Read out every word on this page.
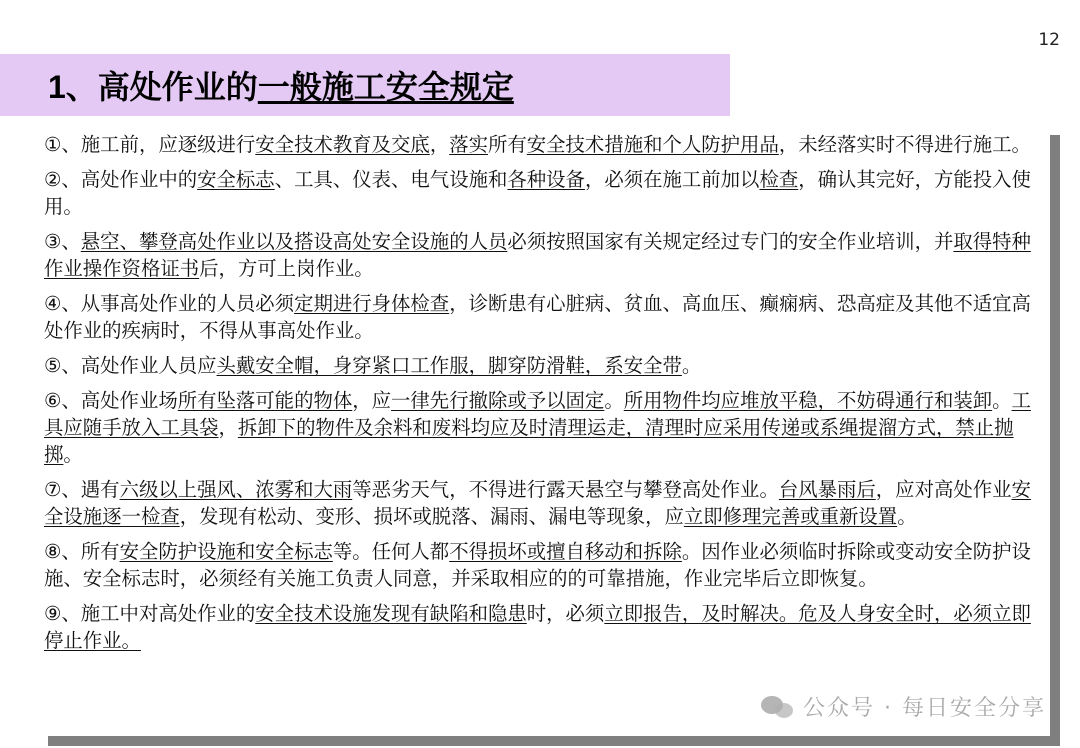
12
1、高处作业的一般施工安全规定
①、施工前，应逐级进行安全技术教育及交底，落实所有安全技术措施和个人防护用品，未经落实时不得进行施工。
②、高处作业中的安全标志、工具、仪表、电气设施和各种设备，必须在施工前加以检查，确认其完好，方能投入使用。
③、悬空、攀登高处作业以及搭设高处安全设施的人员必须按照国家有关规定经过专门的安全作业培训，并取得特种作业操作资格证书后，方可上岗作业。
④、从事高处作业的人员必须定期进行身体检查，诊断患有心脏病、贫血、高血压、癫痫病、恐高症及其他不适宜高处作业的疾病时，不得从事高处作业。
⑤、高处作业人员应头戴安全帽，身穿紧口工作服，脚穿防滑鞋，系安全带。
⑥、高处作业场所有坠落可能的物体，应一律先行撤除或予以固定。所用物件均应堆放平稳，不妨碍通行和装卸。工具应随手放入工具袋，拆卸下的物件及余料和废料均应及时清理运走，清理时应采用传递或系绳提溜方式，禁止抛掷。
⑦、遇有六级以上强风、浓雾和大雨等恶劣天气，不得进行露天悬空与攀登高处作业。台风暴雨后，应对高处作业安全设施逐一检查，发现有松动、变形、损坏或脱落、漏雨、漏电等现象，应立即修理完善或重新设置。
⑧、所有安全防护设施和安全标志等。任何人都不得损坏或擅自移动和拆除。因作业必须临时拆除或变动安全防护设施、安全标志时，必须经有关施工负责人同意，并采取相应的的可靠措施，作业完毕后立即恢复。
⑨、施工中对高处作业的安全技术设施发现有缺陷和隐患时，必须立即报告，及时解决。危及人身安全时，必须立即停止作业。
公众号 · 每日安全分享
